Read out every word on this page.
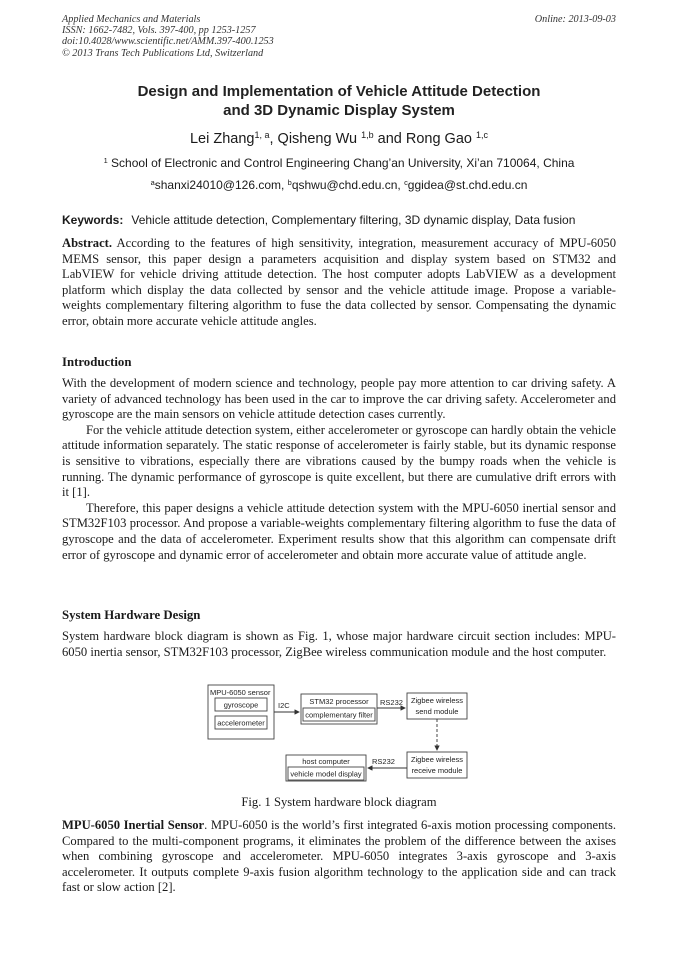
Applied Mechanics and Materials
ISSN: 1662-7482, Vols. 397-400, pp 1253-1257
doi:10.4028/www.scientific.net/AMM.397-400.1253
© 2013 Trans Tech Publications Ltd, Switzerland
Online: 2013-09-03
Design and Implementation of Vehicle Attitude Detection
and 3D Dynamic Display System
Lei Zhang$^{1, a}$, Qisheng Wu $^{1,b}$ and Rong Gao $^{1,c}$
$^1$ School of Electronic and Control Engineering Chang’an University, Xi’an 710064, China
$^a$shanxi24010@126.com, $^b$qshwu@chd.edu.cn, $^c$ggidea@st.chd.edu.cn
Keywords: Vehicle attitude detection, Complementary filtering, 3D dynamic display, Data fusion
Abstract. According to the features of high sensitivity, integration, measurement accuracy of MPU-6050 MEMS sensor, this paper design a parameters acquisition and display system based on STM32 and LabVIEW for vehicle driving attitude detection. The host computer adopts LabVIEW as a development platform which display the data collected by sensor and the vehicle attitude image. Propose a variable-weights complementary filtering algorithm to fuse the data collected by sensor. Compensating the dynamic error, obtain more accurate vehicle attitude angles.
Introduction
With the development of modern science and technology, people pay more attention to car driving safety. A variety of advanced technology has been used in the car to improve the car driving safety. Accelerometer and gyroscope are the main sensors on vehicle attitude detection cases currently.
For the vehicle attitude detection system, either accelerometer or gyroscope can hardly obtain the vehicle attitude information separately. The static response of accelerometer is fairly stable, but its dynamic response is sensitive to vibrations, especially there are vibrations caused by the bumpy roads when the vehicle is running. The dynamic performance of gyroscope is quite excellent, but there are cumulative drift errors with it [1].
Therefore, this paper designs a vehicle attitude detection system with the MPU-6050 inertial sensor and STM32F103 processor. And propose a variable-weights complementary filtering algorithm to fuse the data of gyroscope and the data of accelerometer. Experiment results show that this algorithm can compensate drift error of gyroscope and dynamic error of accelerometer and obtain more accurate value of attitude angle.
System Hardware Design
System hardware block diagram is shown as Fig. 1, whose major hardware circuit section includes: MPU-6050 inertia sensor, STM32F103 processor, ZigBee wireless communication module and the host computer.
MPU-6050 sensor
gyroscope
accelerometer
I2C	STM32 processor
complementary filter
RS232 Zigbee wireless
send module
Zigbee wireless
receive module
RS232
host computer
vehicle model display
Fig. 1 System hardware block diagram
MPU-6050 Inertial Sensor. MPU-6050 is the world’s first integrated 6-axis motion processing components. Compared to the multi-component programs, it eliminates the problem of the difference between the axises when combining gyroscope and accelerometer. MPU-6050 integrates 3-axis gyroscope and 3-axis accelerometer. It outputs complete 9-axis fusion algorithm technology to the application side and can track fast or slow action [2].
